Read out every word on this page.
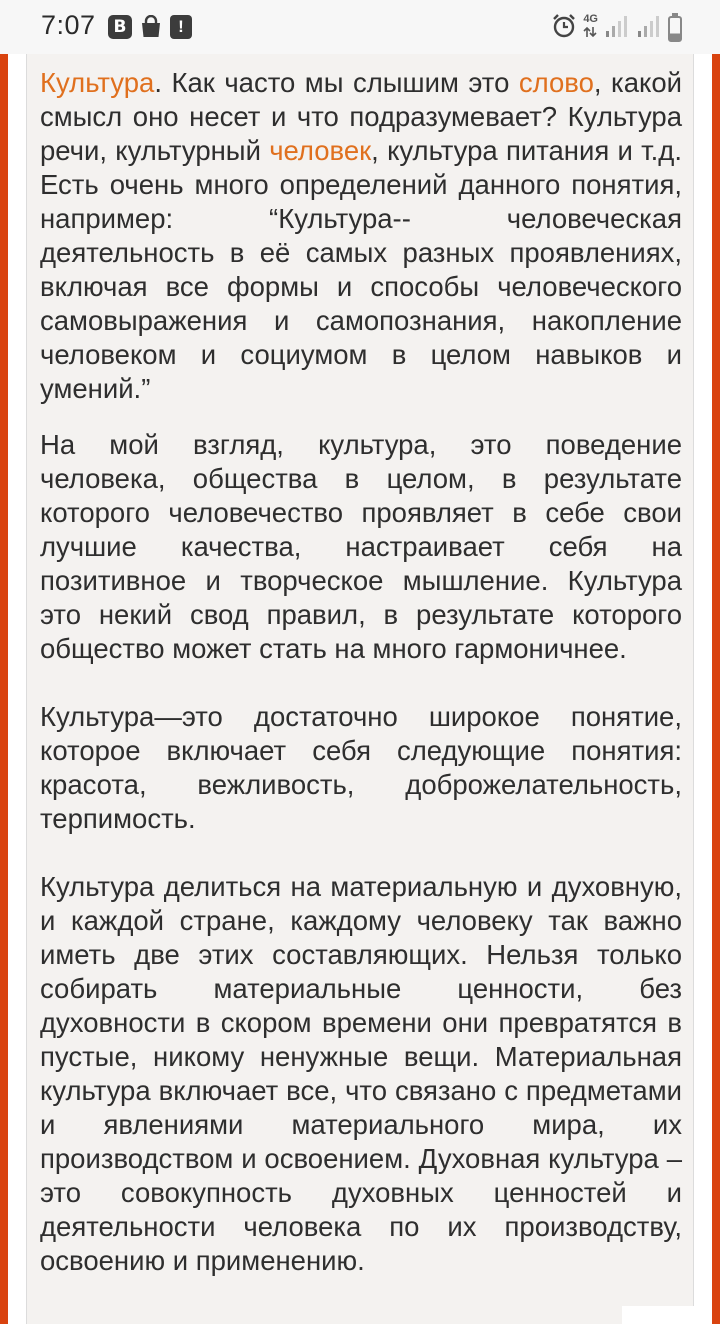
7:07	B	!	4G

Культура. Как часто мы слышим это слово, какой смысл оно несет и что подразумевает? Культура речи, культурный человек, культура питания и т.д. Есть очень много определений данного понятия, например: “Культура-- человеческая деятельность в её самых разных проявлениях, включая все формы и способы человеческого самовыражения и самопознания, накопление человеком и социумом в целом навыков и умений.”

На мой взгляд, культура, это поведение человека, общества в целом, в результате которого человечество проявляет в себе свои лучшие качества, настраивает себя на позитивное и творческое мышление. Культура это некий свод правил, в результате которого общество может стать на много гармоничнее.

Культура—это достаточно широкое понятие, которое включает себя следующие понятия: красота, вежливость, доброжелательность, терпимость.

Культура делиться на материальную и духовную, и каждой стране, каждому человеку так важно иметь две этих составляющих. Нельзя только собирать материальные ценности, без духовности в скором времени они превратятся в пустые, никому ненужные вещи. Материальная культура включает все, что связано с предметами и явлениями материального мира, их производством и освоением. Духовная культура – это совокупность духовных ценностей и деятельности человека по их производству, освоению и применению.
